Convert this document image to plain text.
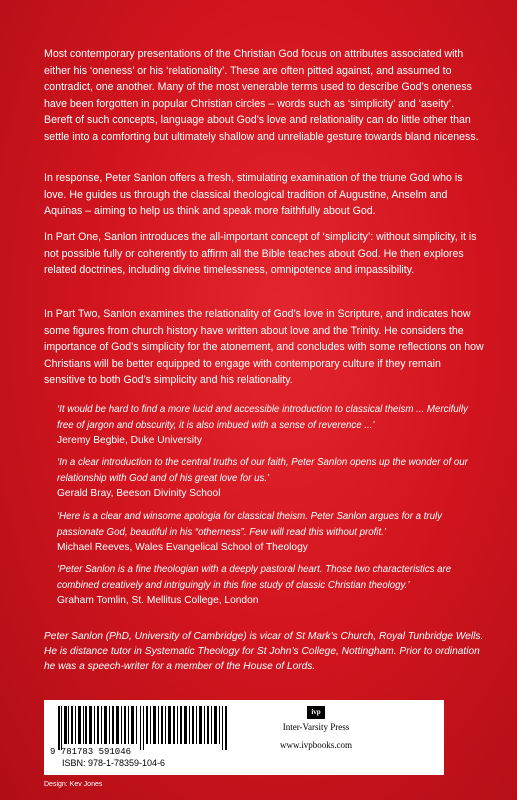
Most contemporary presentations of the Christian God focus on attributes associated with either his ‘oneness’ or his ‘relationality’. These are often pitted against, and assumed to contradict, one another. Many of the most venerable terms used to describe God’s oneness have been forgotten in popular Christian circles – words such as ‘simplicity’ and ‘aseity’. Bereft of such concepts, language about God’s love and relationality can do little other than settle into a comforting but ultimately shallow and unreliable gesture towards bland niceness.

In response, Peter Sanlon offers a fresh, stimulating examination of the triune God who is love. He guides us through the classical theological tradition of Augustine, Anselm and Aquinas – aiming to help us think and speak more faithfully about God.

In Part One, Sanlon introduces the all-important concept of ‘simplicity’: without simplicity, it is not possible fully or coherently to affirm all the Bible teaches about God. He then explores related doctrines, including divine timelessness, omnipotence and impassibility.

In Part Two, Sanlon examines the relationality of God’s love in Scripture, and indicates how some figures from church history have written about love and the Trinity. He considers the importance of God’s simplicity for the atonement, and concludes with some reflections on how Christians will be better equipped to engage with contemporary culture if they remain sensitive to both God’s simplicity and his relationality.

‘It would be hard to find a more lucid and accessible introduction to classical theism ... Mercifully free of jargon and obscurity, it is also imbued with a sense of reverence ...’
Jeremy Begbie, Duke University
‘In a clear introduction to the central truths of our faith, Peter Sanlon opens up the wonder of our relationship with God and of his great love for us.’
Gerald Bray, Beeson Divinity School
‘Here is a clear and winsome apologia for classical theism. Peter Sanlon argues for a truly passionate God, beautiful in his “otherness”. Few will read this without profit.’
Michael Reeves, Wales Evangelical School of Theology
‘Peter Sanlon is a fine theologian with a deeply pastoral heart. Those two characteristics are combined creatively and intriguingly in this fine study of classic Christian theology.’
Graham Tomlin, St. Mellitus College, London

Peter Sanlon (PhD, University of Cambridge) is vicar of St Mark’s Church, Royal Tunbridge Wells. He is distance tutor in Systematic Theology for St John’s College, Nottingham. Prior to ordination he was a speech-writer for a member of the House of Lords.

9 781783 591046
ISBN: 978-1-78359-104-6
ivp
Inter-Varsity Press
www.ivpbooks.com
Design: Kev Jones
